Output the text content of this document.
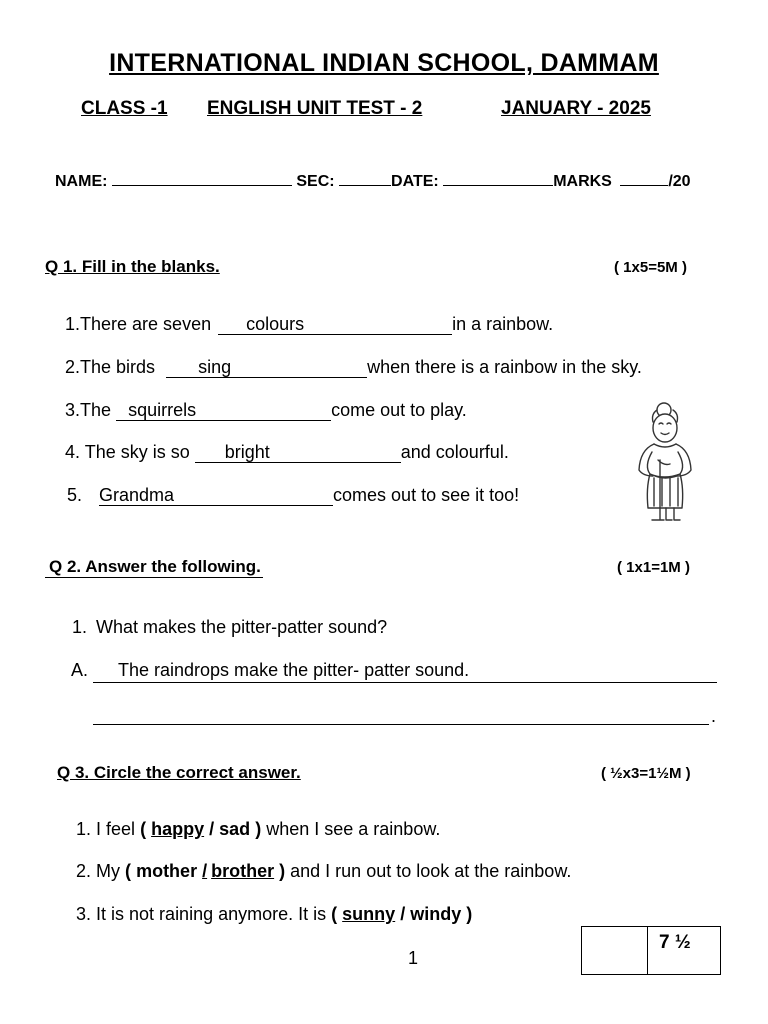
INTERNATIONAL INDIAN SCHOOL, DAMMAM
CLASS -1 ENGLISH UNIT TEST - 2	JANUARY - 2025
NAME:	SEC:	DATE:	MARKS	/20
Q 1. Fill in the blanks.	( 1x5=5M )
1.There are seven colours	in a rainbow.
2.The birds sing	when there is a rainbow in the sky.
3.The squirrels	come out to play.
4. The sky is so bright	and colourful.
5. Grandma	comes out to see it too!
Q 2. Answer the following.	( 1x1=1M )
1. What makes the pitter-patter sound?
A. The raindrops make the pitter- patter sound.
.
Q 3. Circle the correct answer.	( ½x3=1½M )
1. I feel ( happy / sad ) when I see a rainbow.
2. My ( mother / brother ) and I run out to look at the rainbow.
3. It is not raining anymore. It is ( sunny / windy )
1
7 ½
